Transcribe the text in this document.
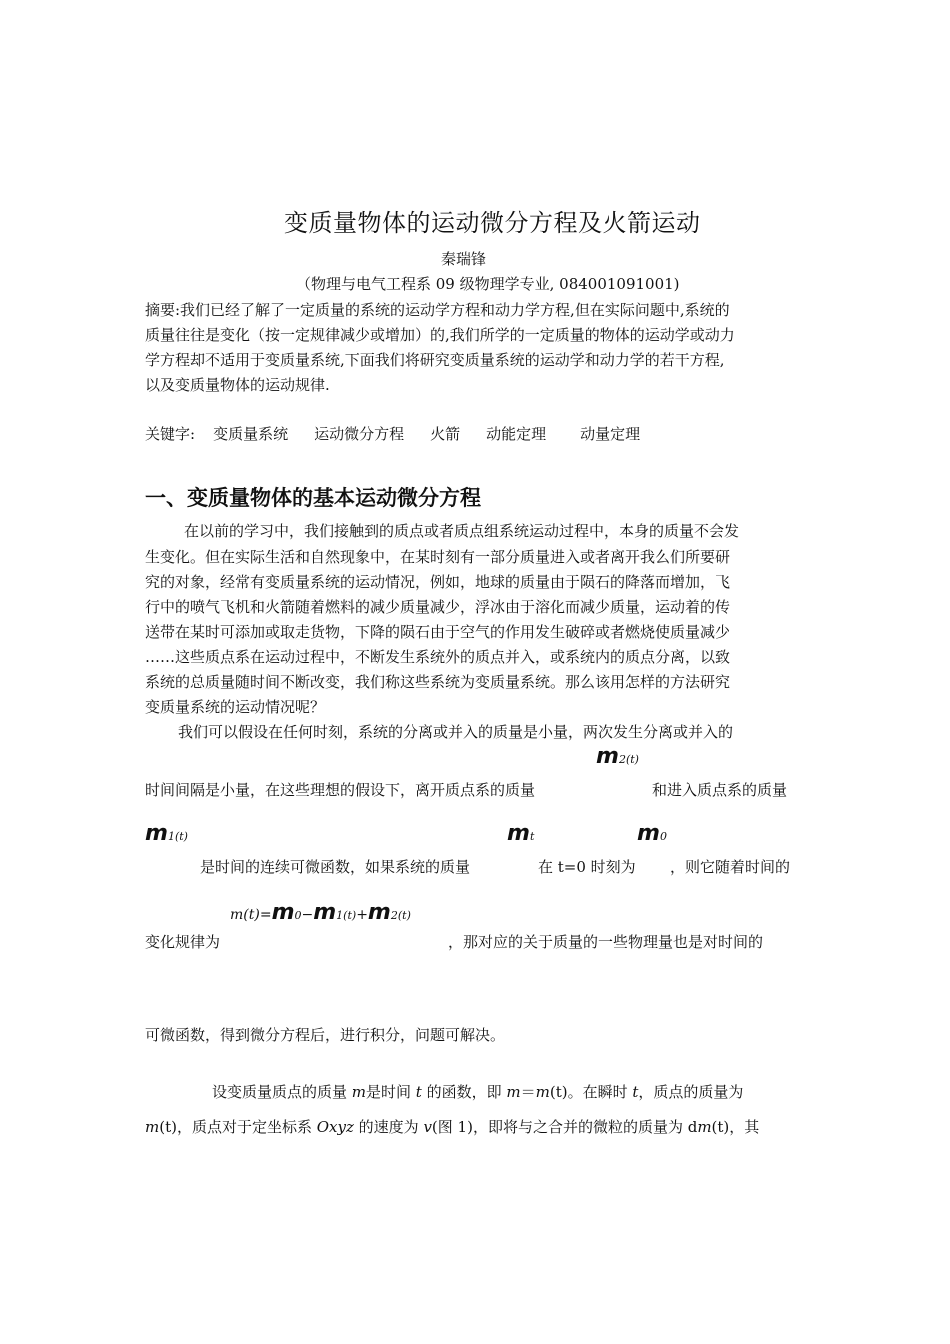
变质量物体的运动微分方程及火箭运动
秦瑞锋
（物理与电气工程系 09 级物理学专业, 084001091001)
摘要:我们已经了解了一定质量的系统的运动学方程和动力学方程,但在实际问题中,系统的
质量往往是变化（按一定规律减少或增加）的,我们所学的一定质量的物体的运动学或动力
学方程却不适用于变质量系统,下面我们将研究变质量系统的运动学和动力学的若干方程,
以及变质量物体的运动规律.
关键字: 变质量系统 运动微分方程 火箭 动能定理 动量定理
一、变质量物体的基本运动微分方程
在以前的学习中，我们接触到的质点或者质点组系统运动过程中，本身的质量不会发
生变化。但在实际生活和自然现象中，在某时刻有一部分质量进入或者离开我么们所要研
究的对象，经常有变质量系统的运动情况，例如，地球的质量由于陨石的降落而增加，飞
行中的喷气飞机和火箭随着燃料的减少质量减少，浮冰由于溶化而减少质量，运动着的传
送带在某时可添加或取走货物，下降的陨石由于空气的作用发生破碎或者燃烧使质量减少
……这些质点系在运动过程中，不断发生系统外的质点并入，或系统内的质点分离，以致
系统的总质量随时间不断改变，我们称这些系统为变质量系统。那么该用怎样的方法研究
变质量系统的运动情况呢？
我们可以假设在任何时刻，系统的分离或并入的质量是小量，两次发生分离或并入的
m2(t)
时间间隔是小量，在这些理想的假设下，离开质点系的质量	和进入质点系的质量
m1(t)	mt	m0
是时间的连续可微函数，如果系统的质量	在 t=0 时刻为 ，则它随着时间的
m(t)=m0−m1(t)+m2(t)
变化规律为	，那对应的关于质量的一些物理量也是对时间的
可微函数，得到微分方程后，进行积分，问题可解决。
设变质量质点的质量 m是时间 t 的函数，即 m＝m(t)。在瞬时 t，质点的质量为
m(t)，质点对于定坐标系 Oxyz 的速度为 v(图 1)，即将与之合并的微粒的质量为 dm(t)，其
